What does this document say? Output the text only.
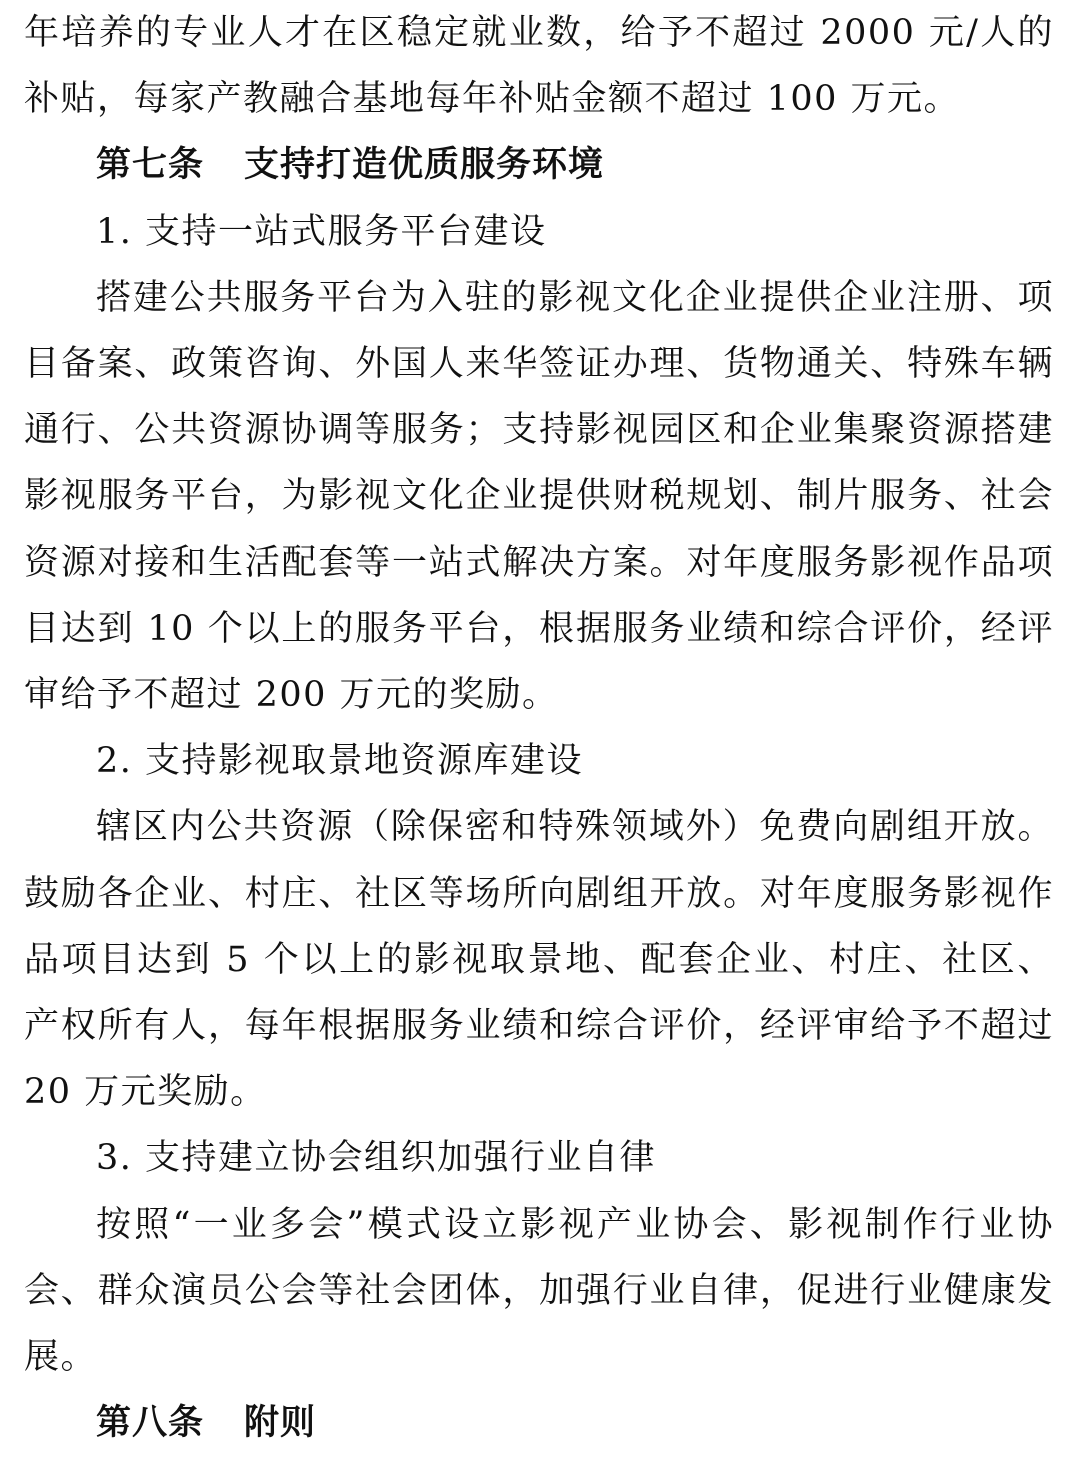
年培养的专业人才在区稳定就业数，给予不超过 2000 元/人的补贴，每家产教融合基地每年补贴金额不超过 100 万元。

第七条 支持打造优质服务环境

1. 支持一站式服务平台建设

搭建公共服务平台为入驻的影视文化企业提供企业注册、项目备案、政策咨询、外国人来华签证办理、货物通关、特殊车辆通行、公共资源协调等服务；支持影视园区和企业集聚资源搭建影视服务平台，为影视文化企业提供财税规划、制片服务、社会资源对接和生活配套等一站式解决方案。对年度服务影视作品项目达到 10 个以上的服务平台，根据服务业绩和综合评价，经评审给予不超过 200 万元的奖励。

2. 支持影视取景地资源库建设

辖区内公共资源（除保密和特殊领域外）免费向剧组开放。鼓励各企业、村庄、社区等场所向剧组开放。对年度服务影视作品项目达到 5 个以上的影视取景地、配套企业、村庄、社区、产权所有人，每年根据服务业绩和综合评价，经评审给予不超过 20 万元奖励。

3. 支持建立协会组织加强行业自律

按照“一业多会”模式设立影视产业协会、影视制作行业协会、群众演员公会等社会团体，加强行业自律，促进行业健康发展。

第八条 附则
